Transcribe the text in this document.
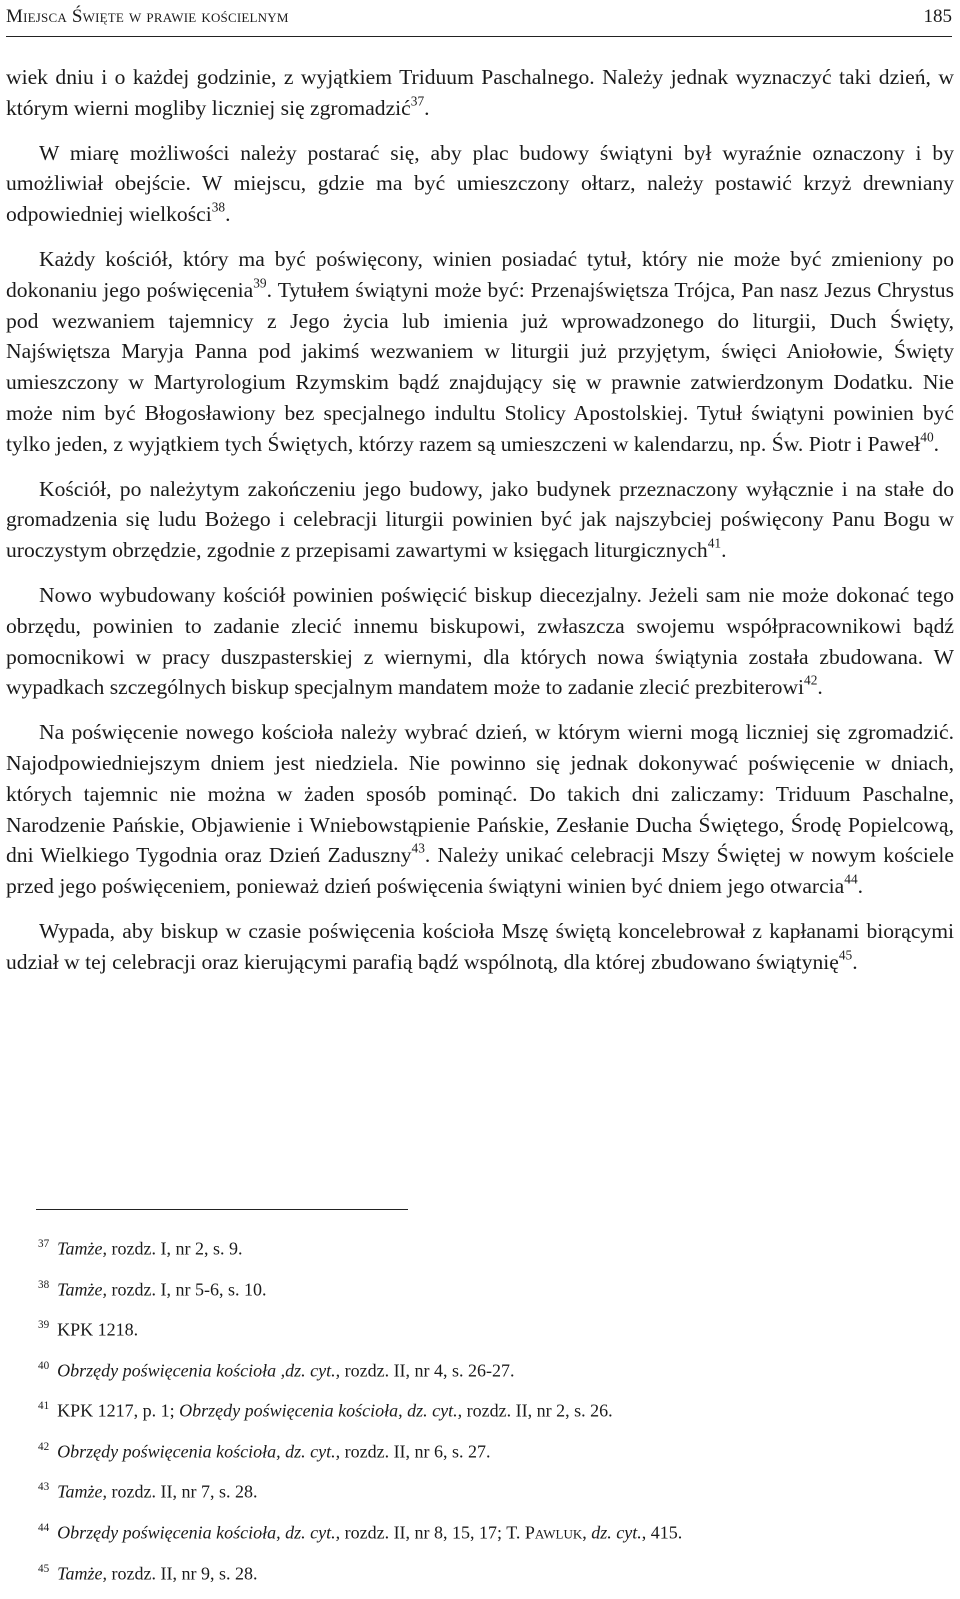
Miejsca Święte w prawie kościelnym	185

wiek dniu i o każdej godzinie, z wyjątkiem Triduum Paschalnego. Należy jednak wyznaczyć taki dzień, w którym wierni mogliby liczniej się zgromadzić$^{37}$.

W miarę możliwości należy postarać się, aby plac budowy świątyni był wyraźnie oznaczony i by umożliwiał obejście. W miejscu, gdzie ma być umieszczony ołtarz, należy postawić krzyż drewniany odpowiedniej wielkości$^{38}$.

Każdy kościół, który ma być poświęcony, winien posiadać tytuł, który nie może być zmieniony po dokonaniu jego poświęcenia$^{39}$. Tytułem świątyni może być: Przenajświętsza Trójca, Pan nasz Jezus Chrystus pod wezwaniem tajemnicy z Jego życia lub imienia już wprowadzonego do liturgii, Duch Święty, Najświętsza Maryja Panna pod jakimś wezwaniem w liturgii już przyjętym, święci Aniołowie, Święty umieszczony w Martyrologium Rzymskim bądź znajdujący się w prawnie zatwierdzonym Dodatku. Nie może nim być Błogosławiony bez specjalnego indultu Stolicy Apostolskiej. Tytuł świątyni powinien być tylko jeden, z wyjątkiem tych Świętych, którzy razem są umieszczeni w kalendarzu, np. Św. Piotr i Paweł$^{40}$.

Kościół, po należytym zakończeniu jego budowy, jako budynek przeznaczony wyłącznie i na stałe do gromadzenia się ludu Bożego i celebracji liturgii powinien być jak najszybciej poświęcony Panu Bogu w uroczystym obrzędzie, zgodnie z przepisami zawartymi w księgach liturgicznych$^{41}$.

Nowo wybudowany kościół powinien poświęcić biskup diecezjalny. Jeżeli sam nie może dokonać tego obrzędu, powinien to zadanie zlecić innemu biskupowi, zwłaszcza swojemu współpracownikowi bądź pomocnikowi w pracy duszpasterskiej z wiernymi, dla których nowa świątynia została zbudowana. W wypadkach szczególnych biskup specjalnym mandatem może to zadanie zlecić prezbiterowi$^{42}$.

Na poświęcenie nowego kościoła należy wybrać dzień, w którym wierni mogą liczniej się zgromadzić. Najodpowiedniejszym dniem jest niedziela. Nie powinno się jednak dokonywać poświęcenie w dniach, których tajemnic nie można w żaden sposób pominąć. Do takich dni zaliczamy: Triduum Paschalne, Narodzenie Pańskie, Objawienie i Wniebowstąpienie Pańskie, Zesłanie Ducha Świętego, Środę Popielcową, dni Wielkiego Tygodnia oraz Dzień Zaduszny$^{43}$. Należy unikać celebracji Mszy Świętej w nowym kościele przed jego poświęceniem, ponieważ dzień poświęcenia świątyni winien być dniem jego otwarcia$^{44}$.

Wypada, aby biskup w czasie poświęcenia kościoła Mszę świętą koncelebrował z kapłanami biorącymi udział w tej celebracji oraz kierującymi parafią bądź wspólnotą, dla której zbudowano świątynię$^{45}$.

$^{37}$ Tamże, rozdz. I, nr 2, s. 9.
$^{38}$ Tamże, rozdz. I, nr 5-6, s. 10.
$^{39}$ KPK 1218.
$^{40}$ Obrzędy poświęcenia kościoła ,dz. cyt., rozdz. II, nr 4, s. 26-27.
$^{41}$ KPK 1217, p. 1; Obrzędy poświęcenia kościoła, dz. cyt., rozdz. II, nr 2, s. 26.
$^{42}$ Obrzędy poświęcenia kościoła, dz. cyt., rozdz. II, nr 6, s. 27.
$^{43}$ Tamże, rozdz. II, nr 7, s. 28.
$^{44}$ Obrzędy poświęcenia kościoła, dz. cyt., rozdz. II, nr 8, 15, 17; T. Pawluk, dz. cyt., 415.
$^{45}$ Tamże, rozdz. II, nr 9, s. 28.
